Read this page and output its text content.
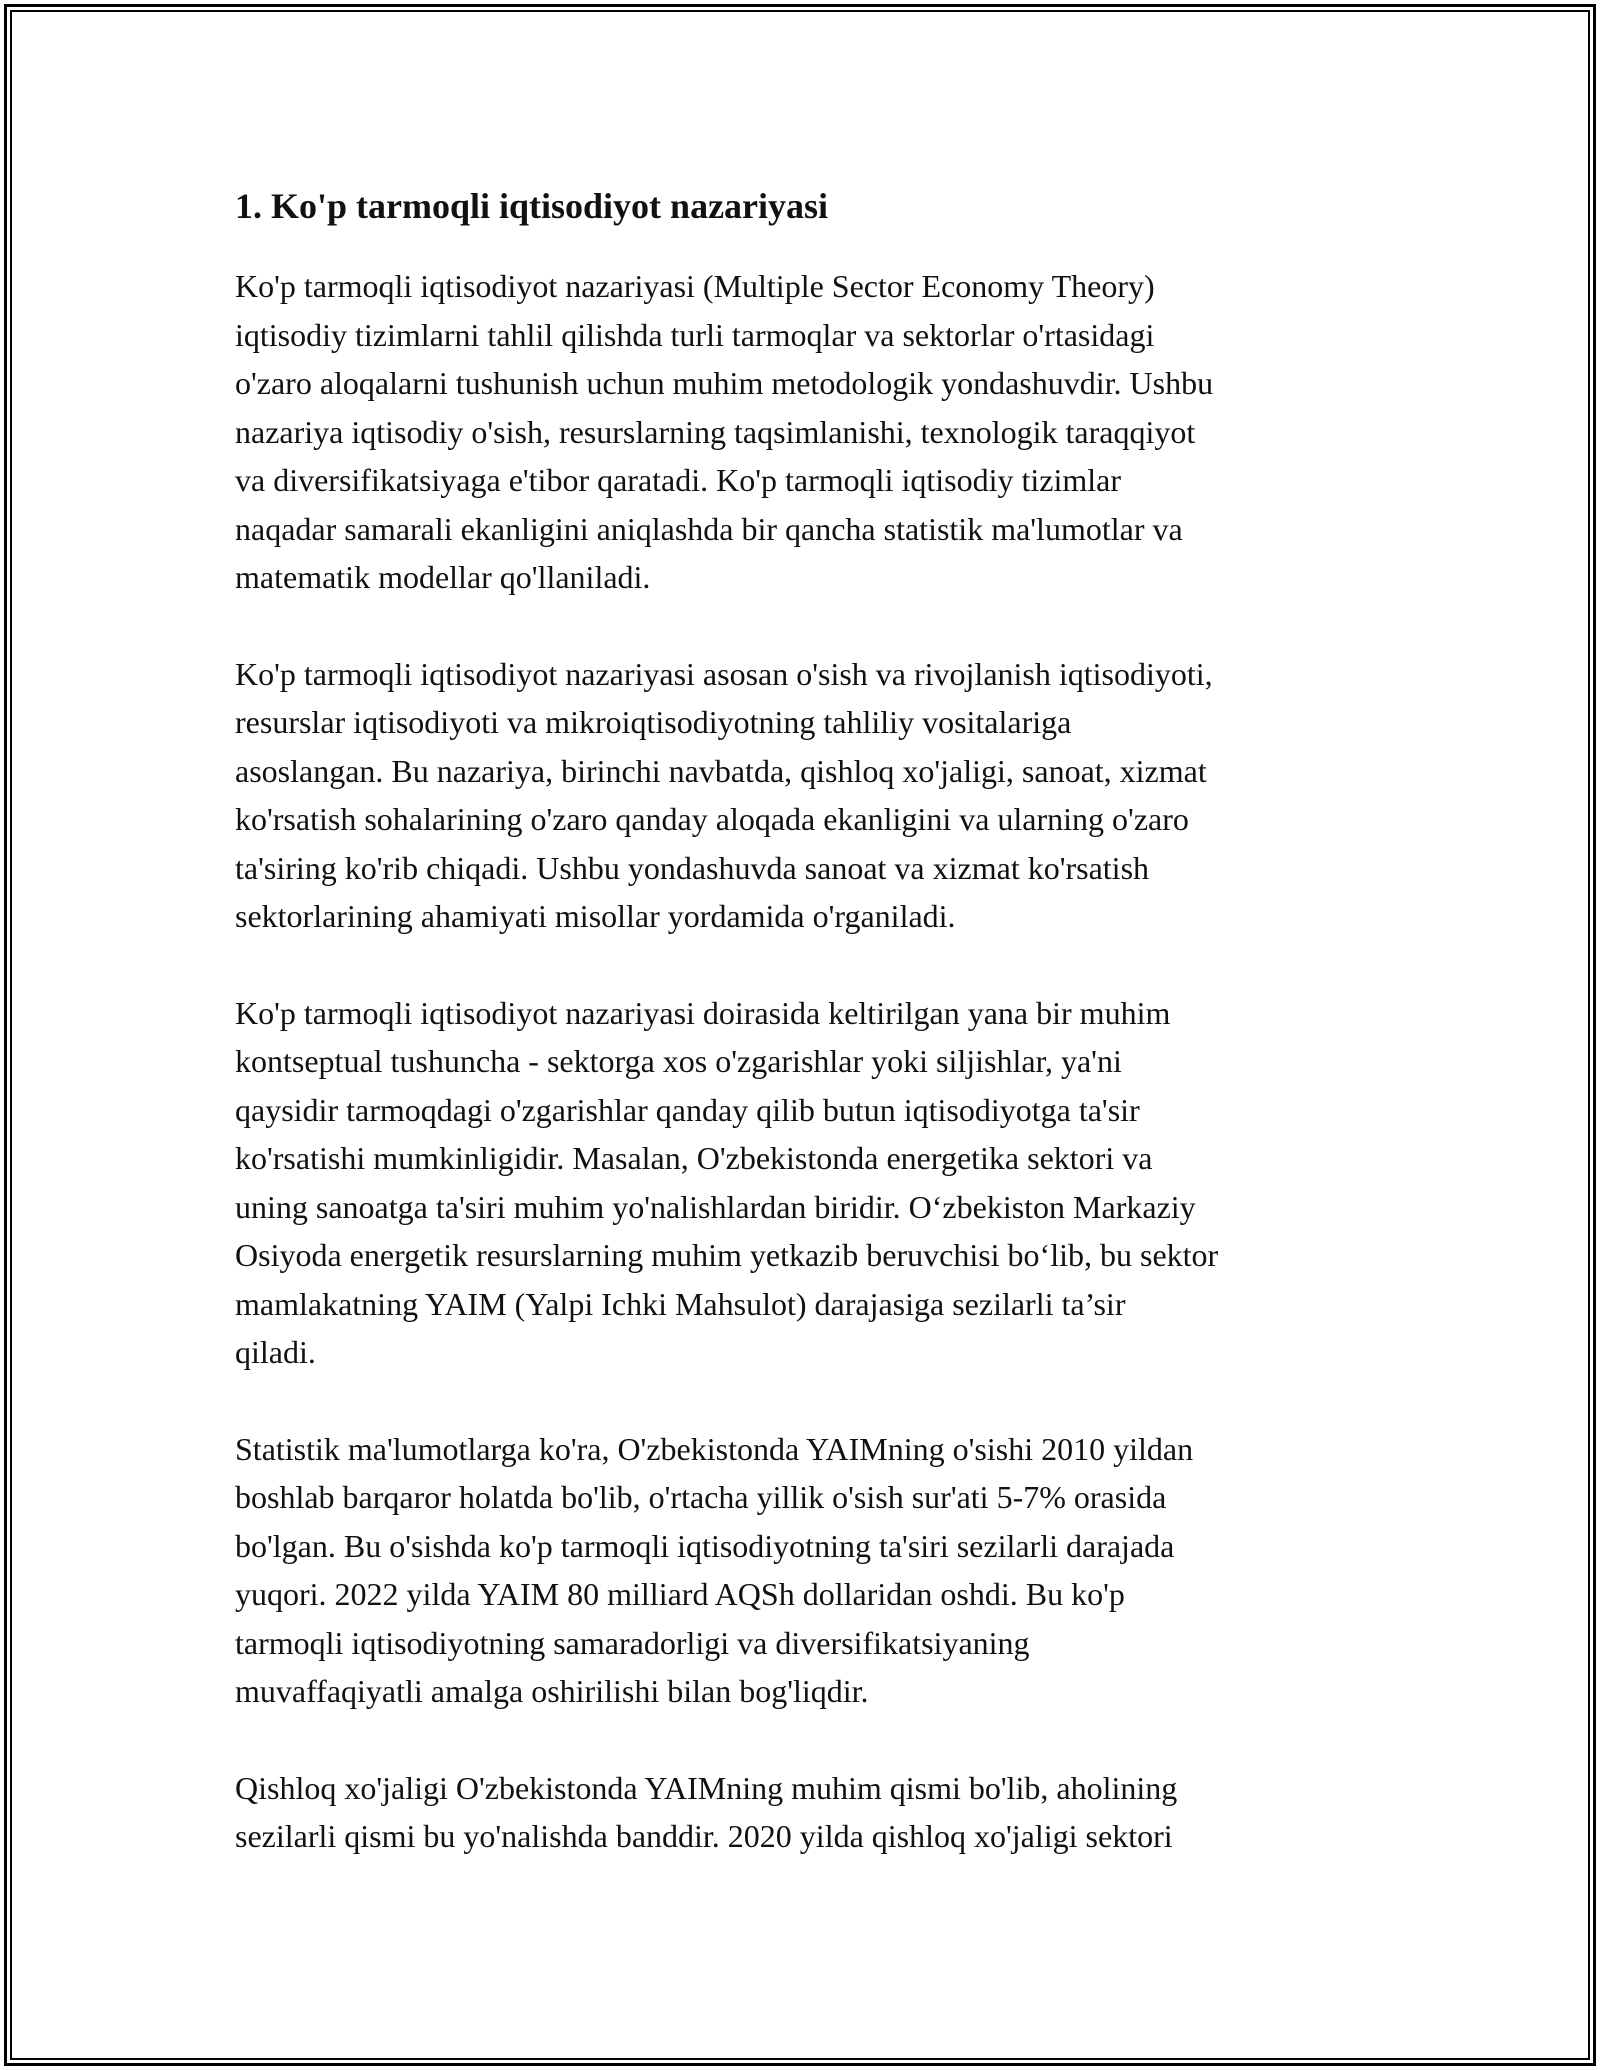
1. Ko'p tarmoqli iqtisodiyot nazariyasi

Ko'p tarmoqli iqtisodiyot nazariyasi (Multiple Sector Economy Theory)
iqtisodiy tizimlarni tahlil qilishda turli tarmoqlar va sektorlar o'rtasidagi
o'zaro aloqalarni tushunish uchun muhim metodologik yondashuvdir. Ushbu
nazariya iqtisodiy o'sish, resurslarning taqsimlanishi, texnologik taraqqiyot
va diversifikatsiyaga e'tibor qaratadi. Ko'p tarmoqli iqtisodiy tizimlar
naqadar samarali ekanligini aniqlashda bir qancha statistik ma'lumotlar va
matematik modellar qo'llaniladi.

Ko'p tarmoqli iqtisodiyot nazariyasi asosan o'sish va rivojlanish iqtisodiyoti,
resurslar iqtisodiyoti va mikroiqtisodiyotning tahliliy vositalariga
asoslangan. Bu nazariya, birinchi navbatda, qishloq xo'jaligi, sanoat, xizmat
ko'rsatish sohalarining o'zaro qanday aloqada ekanligini va ularning o'zaro
ta'siring ko'rib chiqadi. Ushbu yondashuvda sanoat va xizmat ko'rsatish
sektorlarining ahamiyati misollar yordamida o'rganiladi.

Ko'p tarmoqli iqtisodiyot nazariyasi doirasida keltirilgan yana bir muhim
kontseptual tushuncha - sektorga xos o'zgarishlar yoki siljishlar, ya'ni
qaysidir tarmoqdagi o'zgarishlar qanday qilib butun iqtisodiyotga ta'sir
ko'rsatishi mumkinligidir. Masalan, O'zbekistonda energetika sektori va
uning sanoatga ta'siri muhim yo'nalishlardan biridir. O‘zbekiston Markaziy
Osiyoda energetik resurslarning muhim yetkazib beruvchisi bo‘lib, bu sektor
mamlakatning YAIM (Yalpi Ichki Mahsulot) darajasiga sezilarli ta’sir
qiladi.

Statistik ma'lumotlarga ko'ra, O'zbekistonda YAIMning o'sishi 2010 yildan
boshlab barqaror holatda bo'lib, o'rtacha yillik o'sish sur'ati 5-7% orasida
bo'lgan. Bu o'sishda ko'p tarmoqli iqtisodiyotning ta'siri sezilarli darajada
yuqori. 2022 yilda YAIM 80 milliard AQSh dollaridan oshdi. Bu ko'p
tarmoqli iqtisodiyotning samaradorligi va diversifikatsiyaning
muvaffaqiyatli amalga oshirilishi bilan bog'liqdir.

Qishloq xo'jaligi O'zbekistonda YAIMning muhim qismi bo'lib, aholining
sezilarli qismi bu yo'nalishda banddir. 2020 yilda qishloq xo'jaligi sektori
